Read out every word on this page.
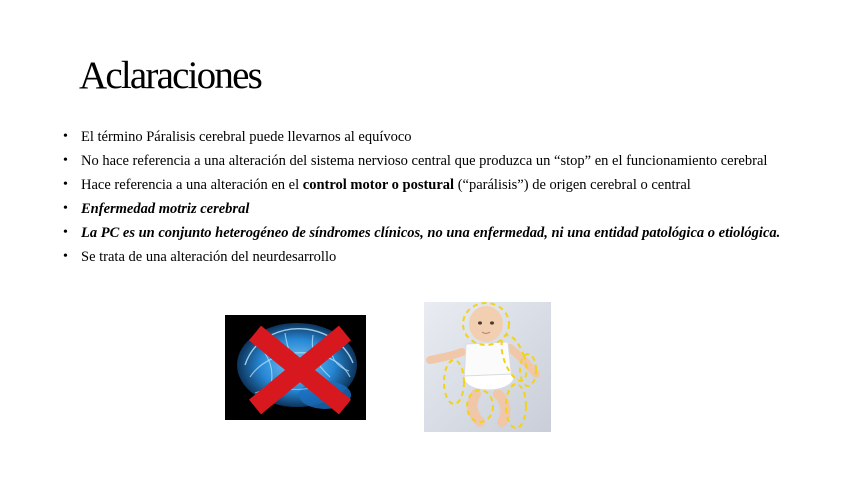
Aclaraciones
• El término Páralisis cerebral puede llevarnos al equívoco
• No hace referencia a una alteración del sistema nervioso central que produzca un “stop” en el funcionamiento cerebral
• Hace referencia a una alteración en el control motor o postural (“parálisis”) de origen cerebral o central
• Enfermedad motriz cerebral
• La PC es un conjunto heterogéneo de síndromes clínicos, no una enfermedad, ni una entidad patológica o etiológica.
• Se trata de una alteración del neurdesarrollo
